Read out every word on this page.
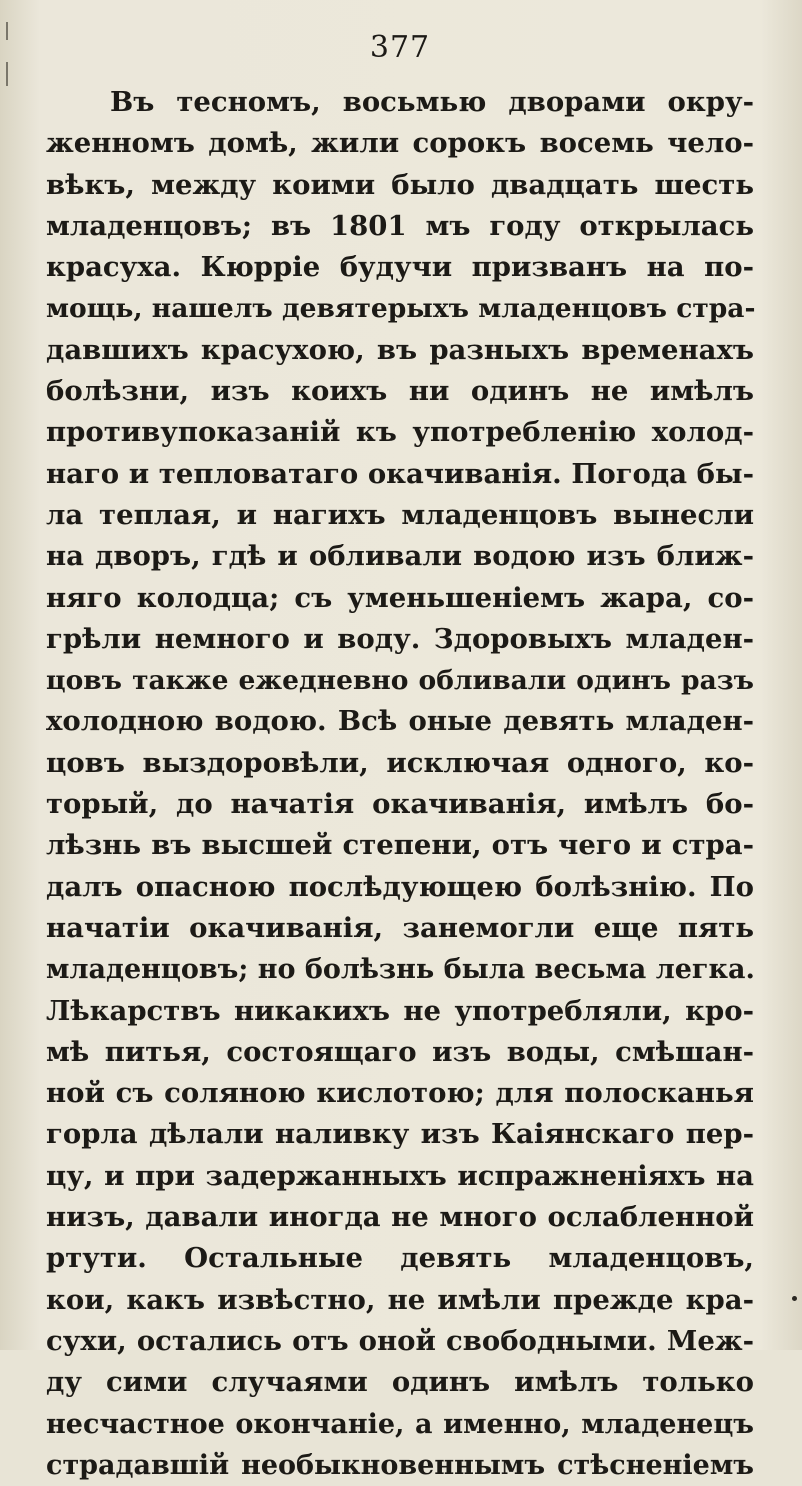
377
Въ тесномъ, восьмью дворами окру-
женномъ домѣ, жили сорокъ восемь чело-
вѣкъ, между коими было двадцать шесть
младенцовъ; въ 1801 мъ году открылась
красуха. Кюрріе будучи призванъ на по-
мощь, нашелъ девятерыхъ младенцовъ стра-
давшихъ красухою, въ разныхъ временахъ
болѣзни, изъ коихъ ни одинъ не имѣлъ
противупоказаній къ употребленію холод-
наго и тепловатаго окачиванія. Погода бы-
ла теплая, и нагихъ младенцовъ вынесли
на дворъ, гдѣ и обливали водою изъ ближ-
няго колодца; съ уменьшеніемъ жара, со-
грѣли немного и воду. Здоровыхъ младен-
цовъ также ежедневно обливали одинъ разъ
холодною водою. Всѣ оные девять младен-
цовъ выздоровѣли, исключая одного, ко-
торый, до начатія окачиванія, имѣлъ бо-
лѣзнь въ высшей степени, отъ чего и стра-
далъ опасною послѣдующею болѣзнію. По
начатіи окачиванія, занемогли еще пять
младенцовъ; но болѣзнь была весьма легка.
Лѣкарствъ никакихъ не употребляли, кро-
мѣ питья, состоящаго изъ воды, смѣшан-
ной съ соляною кислотою; для полосканья
горла дѣлали наливку изъ Каіянскаго пер-
цу, и при задержанныхъ испражненіяхъ на
низъ, давали иногда не много ослабленной
ртути. Остальные девять младенцовъ,
кои, какъ извѣстно, не имѣли прежде кра-
сухи, остались отъ оной свободными. Меж-
ду сими случаями одинъ имѣлъ только
несчастное окончаніе, а именно, младенецъ
страдавшій необыкновеннымъ стѣсненіемъ
